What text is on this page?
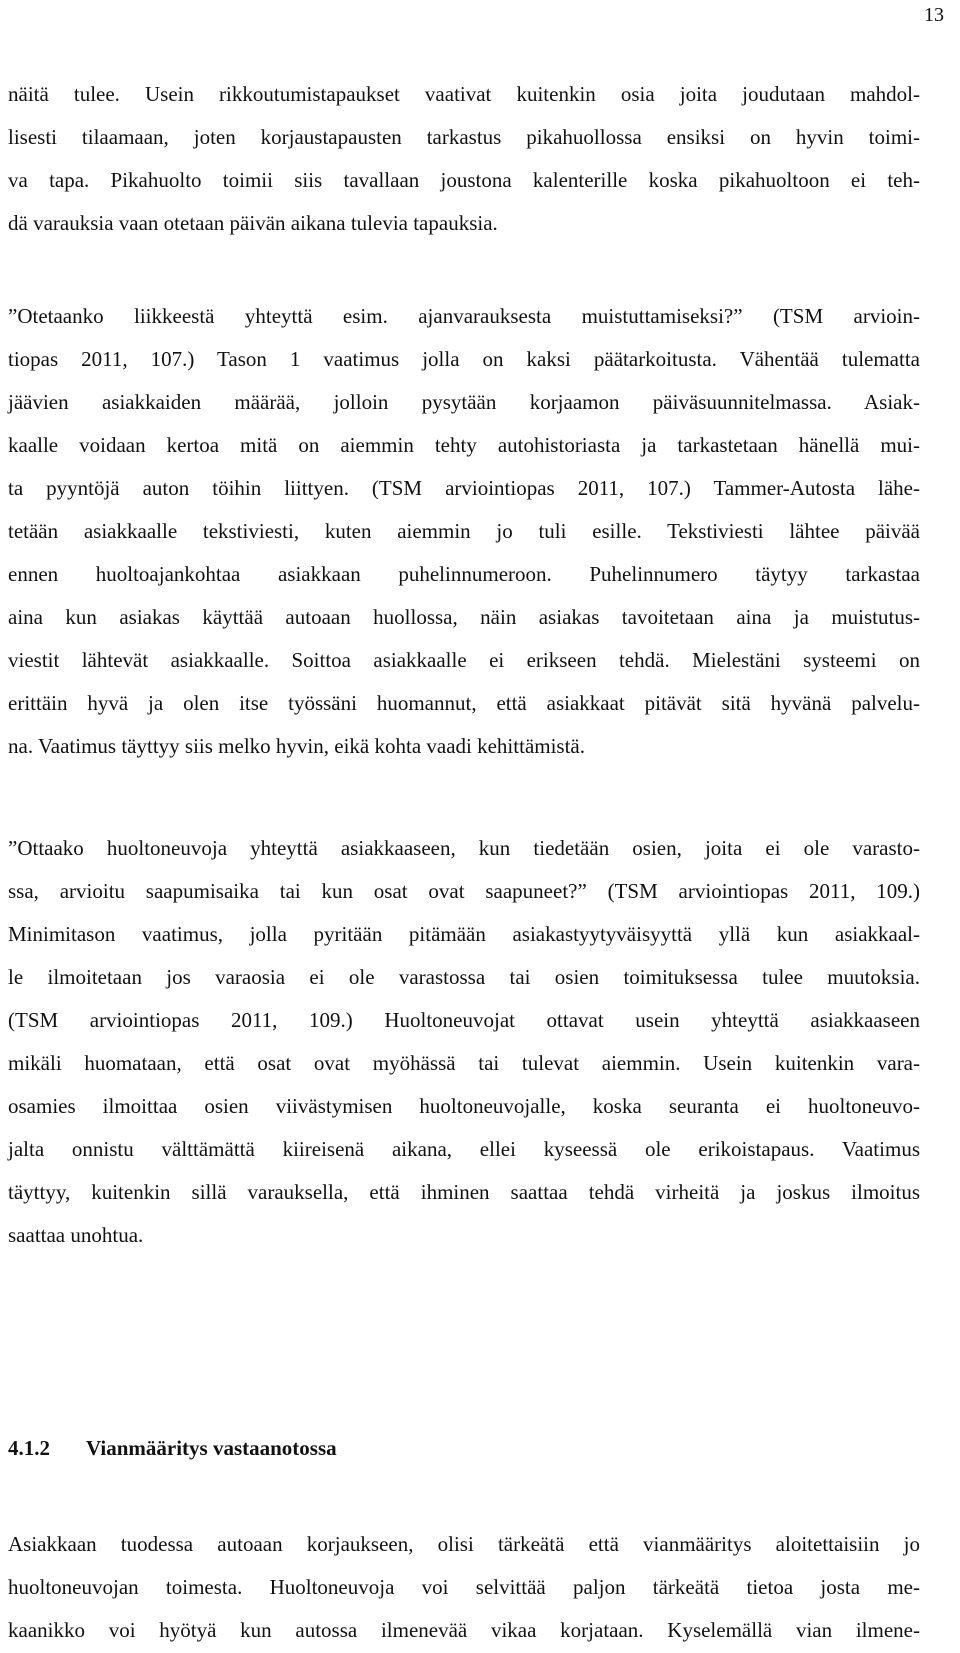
13
näitä tulee. Usein rikkoutumistapaukset vaativat kuitenkin osia joita joudutaan mahdol-
lisesti tilaamaan, joten korjaustapausten tarkastus pikahuollossa ensiksi on hyvin toimi-
va tapa. Pikahuolto toimii siis tavallaan joustona kalenterille koska pikahuoltoon ei teh-
dä varauksia vaan otetaan päivän aikana tulevia tapauksia.
”Otetaanko liikkeestä yhteyttä esim. ajanvarauksesta muistuttamiseksi?” (TSM arvioin-
tiopas 2011, 107.) Tason 1 vaatimus jolla on kaksi päätarkoitusta. Vähentää tulematta
jäävien asiakkaiden määrää, jolloin pysytään korjaamon päiväsuunnitelmassa. Asiak-
kaalle voidaan kertoa mitä on aiemmin tehty autohistoriasta ja tarkastetaan hänellä mui-
ta pyyntöjä auton töihin liittyen. (TSM arviointiopas 2011, 107.) Tammer-Autosta lähe-
tetään asiakkaalle tekstiviesti, kuten aiemmin jo tuli esille. Tekstiviesti lähtee päivää
ennen huoltoajankohtaa asiakkaan puhelinnumeroon. Puhelinnumero täytyy tarkastaa
aina kun asiakas käyttää autoaan huollossa, näin asiakas tavoitetaan aina ja muistutus-
viestit lähtevät asiakkaalle. Soittoa asiakkaalle ei erikseen tehdä. Mielestäni systeemi on
erittäin hyvä ja olen itse työssäni huomannut, että asiakkaat pitävät sitä hyvänä palvelu-
na. Vaatimus täyttyy siis melko hyvin, eikä kohta vaadi kehittämistä.
”Ottaako huoltoneuvoja yhteyttä asiakkaaseen, kun tiedetään osien, joita ei ole varasto-
ssa, arvioitu saapumisaika tai kun osat ovat saapuneet?” (TSM arviointiopas 2011, 109.)
Minimitason vaatimus, jolla pyritään pitämään asiakastyytyväisyyttä yllä kun asiakkaal-
le ilmoitetaan jos varaosia ei ole varastossa tai osien toimituksessa tulee muutoksia.
(TSM arviointiopas 2011, 109.) Huoltoneuvojat ottavat usein yhteyttä asiakkaaseen
mikäli huomataan, että osat ovat myöhässä tai tulevat aiemmin. Usein kuitenkin vara-
osamies ilmoittaa osien viivästymisen huoltoneuvojalle, koska seuranta ei huoltoneuvo-
jalta onnistu välttämättä kiireisenä aikana, ellei kyseessä ole erikoistapaus. Vaatimus
täyttyy, kuitenkin sillä varauksella, että ihminen saattaa tehdä virheitä ja joskus ilmoitus
saattaa unohtua.
4.1.2 Vianmääritys vastaanotossa
Asiakkaan tuodessa autoaan korjaukseen, olisi tärkeätä että vianmääritys aloitettaisiin jo
huoltoneuvojan toimesta. Huoltoneuvoja voi selvittää paljon tärkeätä tietoa josta me-
kaanikko voi hyötyä kun autossa ilmenevää vikaa korjataan. Kyselemällä vian ilmene-
